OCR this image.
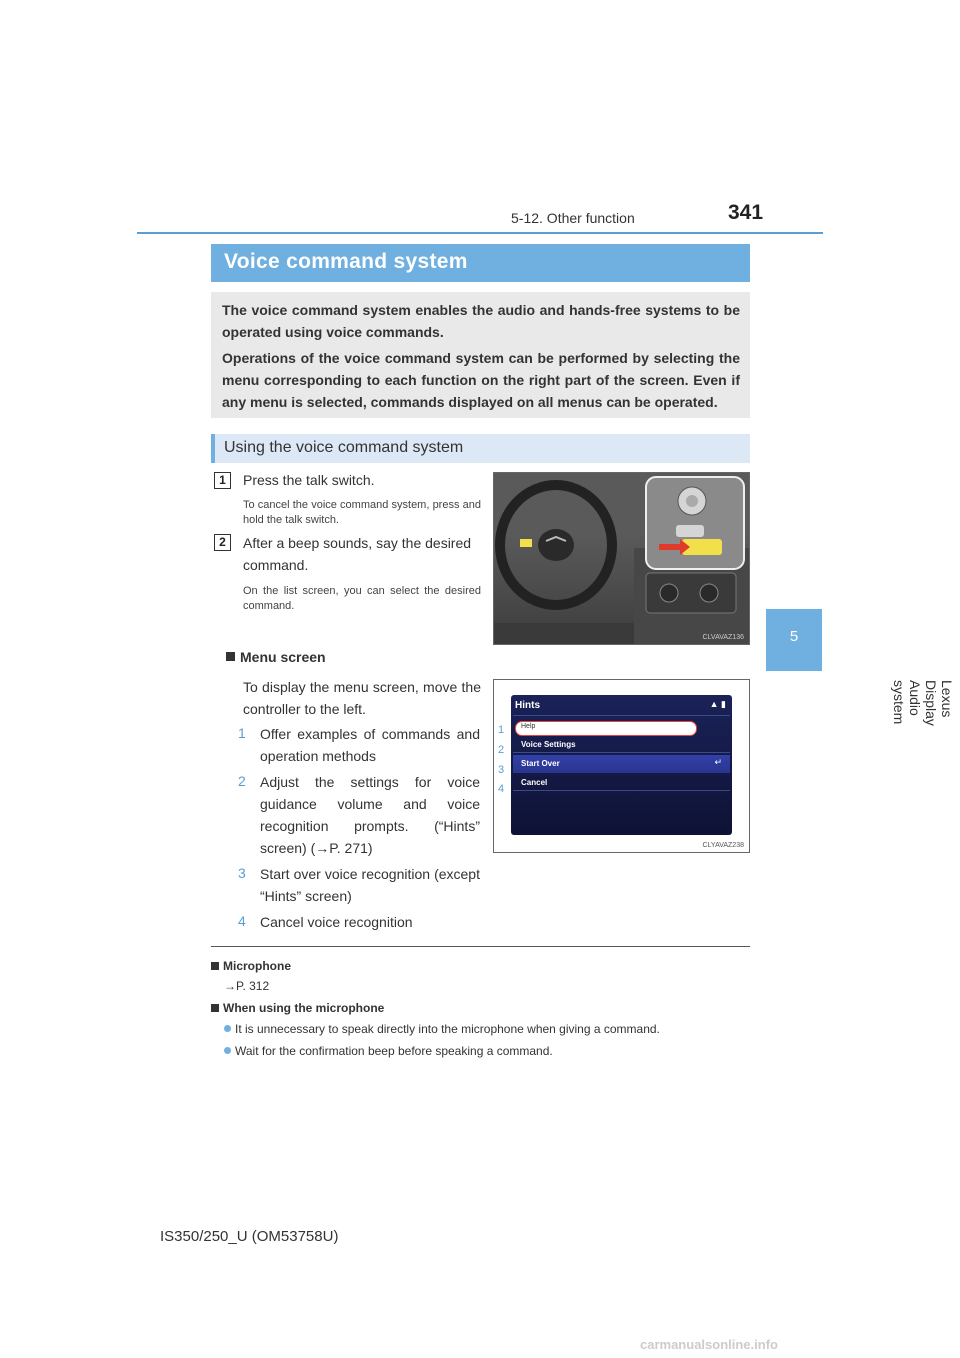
5-12. Other function	341
5
Lexus Display Audio system
Voice command system
The voice command system enables the audio and hands-free systems to be operated using voice commands.
Operations of the voice command system can be performed by selecting the menu corresponding to each function on the right part of the screen. Even if any menu is selected, commands displayed on all menus can be operated.
Using the voice command system
1	Press the talk switch.
To cancel the voice command system, press and hold the talk switch.
2	After a beep sounds, say the desired command.
On the list screen, you can select the desired command.
CLVAVAZ136
Menu screen
To display the menu screen, move the controller to the left.
1 Offer examples of commands and operation methods
2 Adjust the settings for voice guidance volume and voice recognition prompts. (“Hints” screen) (→P. 271)
3 Start over voice recognition (except “Hints” screen)
4 Cancel voice recognition
Hints	▲ ▮
Help
Voice Settings
Start Over	↵
Cancel
1
2
3
4
CLYAVAZ238
Microphone
→P. 312
When using the microphone
It is unnecessary to speak directly into the microphone when giving a command.
Wait for the confirmation beep before speaking a command.
IS350/250_U (OM53758U)
carmanualsonline.info
